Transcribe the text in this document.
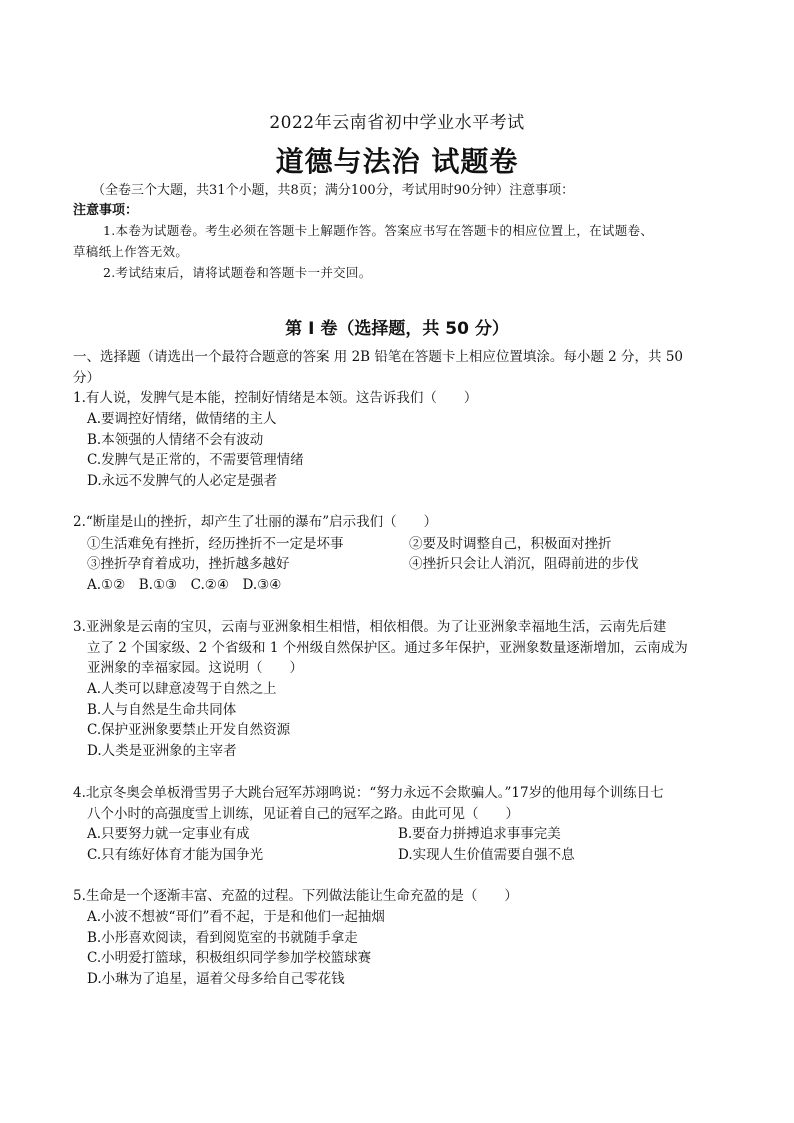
2022年云南省初中学业水平考试
道德与法治 试题卷
（全卷三个大题，共31个小题，共8页；满分100分，考试用时90分钟）注意事项：
注意事项：
1.本卷为试题卷。考生必须在答题卡上解题作答。答案应书写在答题卡的相应位置上，在试题卷、
草稿纸上作答无效。
2.考试结束后，请将试题卷和答题卡一并交回。
第 Ⅰ 卷（选择题，共 50 分）
一、选择题（请选出一个最符合题意的答案 用 2B 铅笔在答题卡上相应位置填涂。每小题 2 分，共 50
分）
1.有人说，发脾气是本能，控制好情绪是本领。这告诉我们（　　）
A.要调控好情绪，做情绪的主人
B.本领强的人情绪不会有波动
C.发脾气是正常的，不需要管理情绪
D.永远不发脾气的人必定是强者
2.“断崖是山的挫折，却产生了壮丽的瀑布”启示我们（　　）
①生活难免有挫折，经历挫折不一定是坏事	②要及时调整自己，积极面对挫折
③挫折孕育着成功，挫折越多越好	④挫折只会让人消沉，阻碍前进的步伐
A.①②　B.①③　C.②④　D.③④
3.亚洲象是云南的宝贝，云南与亚洲象相生相惜，相依相偎。为了让亚洲象幸福地生活，云南先后建
立了 2 个国家级、2 个省级和 1 个州级自然保护区。通过多年保护，亚洲象数量逐渐增加，云南成为
亚洲象的幸福家园。这说明（　　）
A.人类可以肆意凌驾于自然之上
B.人与自然是生命共同体
C.保护亚洲象要禁止开发自然资源
D.人类是亚洲象的主宰者
4.北京冬奥会单板滑雪男子大跳台冠军苏翊鸣说：“努力永远不会欺骗人。”17岁的他用每个训练日七
八个小时的高强度雪上训练，见证着自己的冠军之路。由此可见（　　）
A.只要努力就一定事业有成	B.要奋力拼搏追求事事完美
C.只有练好体育才能为国争光	D.实现人生价值需要自强不息
5.生命是一个逐渐丰富、充盈的过程。下列做法能让生命充盈的是（　　）
A.小波不想被“哥们”看不起，于是和他们一起抽烟
B.小彤喜欢阅读，看到阅览室的书就随手拿走
C.小明爱打篮球，积极组织同学参加学校篮球赛
D.小琳为了追星，逼着父母多给自己零花钱
